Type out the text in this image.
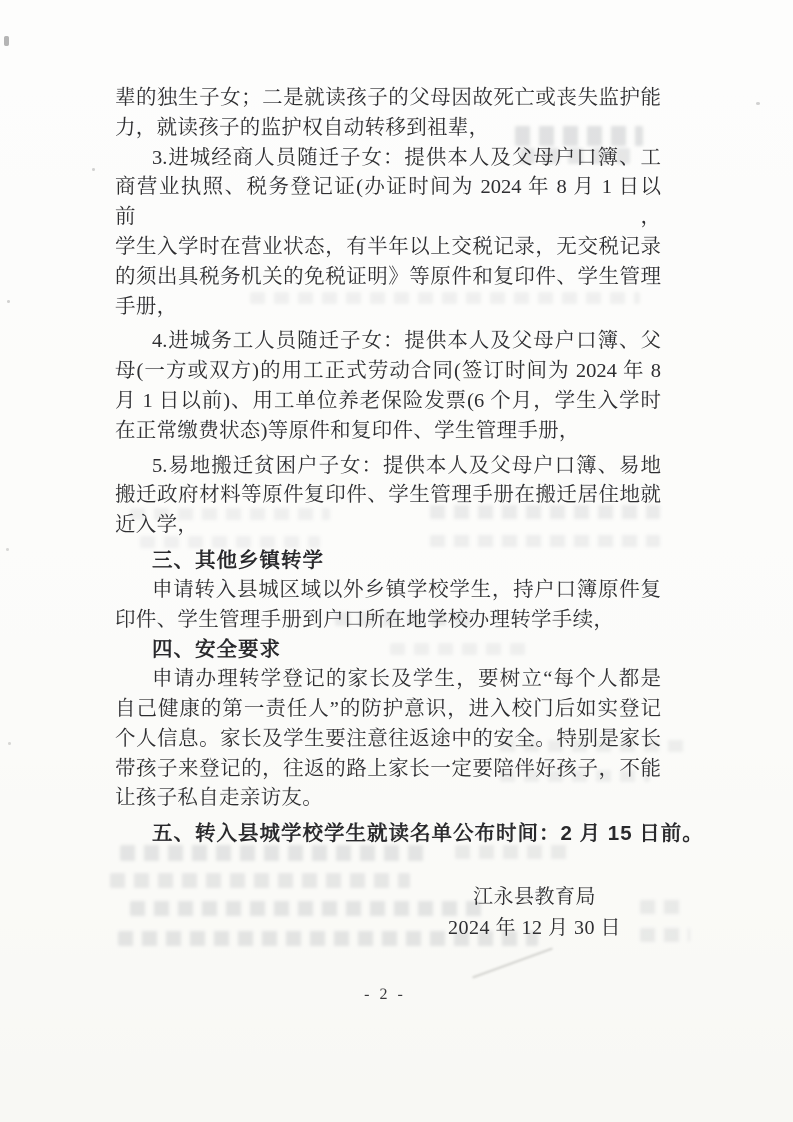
辈的独生子女；二是就读孩子的父母因故死亡或丧失监护能
力，就读孩子的监护权自动转移到祖辈，
3.进城经商人员随迁子女：提供本人及父母户口簿、工
商营业执照、税务登记证(办证时间为 2024 年 8 月 1 日以前，
学生入学时在营业状态，有半年以上交税记录，无交税记录
的须出具税务机关的免税证明》等原件和复印件、学生管理
手册，
4.进城务工人员随迁子女：提供本人及父母户口簿、父
母(一方或双方)的用工正式劳动合同(签订时间为 2024 年 8
月 1 日以前)、用工单位养老保险发票(6 个月，学生入学时
在正常缴费状态)等原件和复印件、学生管理手册，
5.易地搬迁贫困户子女：提供本人及父母户口簿、易地
搬迁政府材料等原件复印件、学生管理手册在搬迁居住地就
近入学，
三、其他乡镇转学
申请转入县城区域以外乡镇学校学生，持户口簿原件复
印件、学生管理手册到户口所在地学校办理转学手续，
四、安全要求
申请办理转学登记的家长及学生，要树立“每个人都是
自己健康的第一责任人”的防护意识，进入校门后如实登记
个人信息。家长及学生要注意往返途中的安全。特别是家长
带孩子来登记的，往返的路上家长一定要陪伴好孩子，不能
让孩子私自走亲访友。
五、转入县城学校学生就读名单公布时间：2 月 15 日前。
江永县教育局
2024 年 12 月 30 日
- 2 -
